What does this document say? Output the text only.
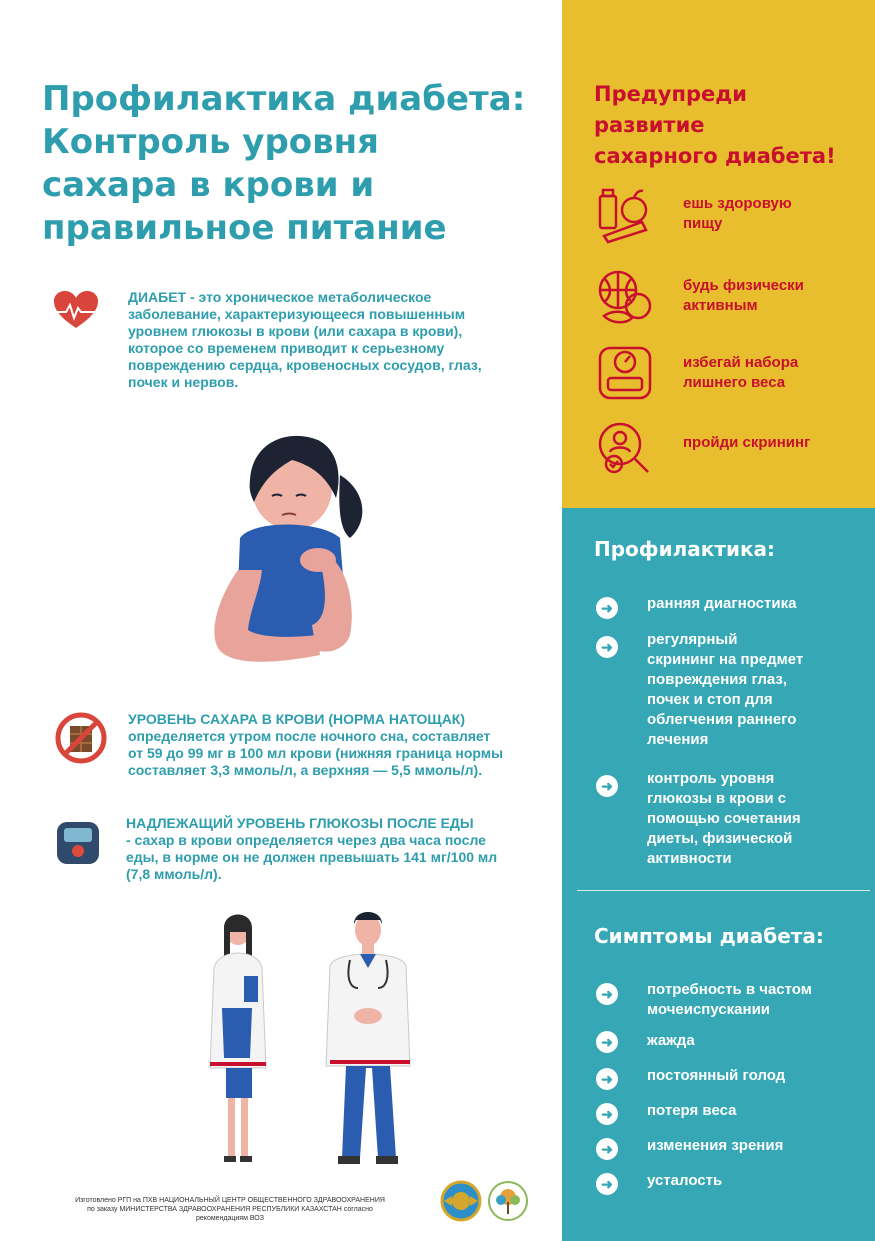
Профилактика диабета:
Контроль уровня
сахара в крови и
правильное питание

ДИАБЕТ - это хроническое метаболическое

заболевание, характеризующееся повышенным

уровнем глюкозы в крови (или сахара в крови),

которое со временем приводит к серьезному

повреждению сердца, кровеносных сосудов, глаз,

почек и нервов.

УРОВЕНЬ САХАРА В КРОВИ (НОРМА НАТОЩАК)

определяется утром после ночного сна, составляет

от 59 до 99 мг в 100 мл крови (нижняя граница нормы

составляет 3,3 ммоль/л, а верхняя — 5,5 ммоль/л).

НАДЛЕЖАЩИЙ УРОВЕНЬ ГЛЮКОЗЫ ПОСЛЕ ЕДЫ

- сахар в крови определяется через два часа после

еды, в норме он не должен превышать 141 мг/100 мл

(7,8 ммоль/л).

Изготовлено РГП на ПХВ НАЦИОНАЛЬНЫЙ ЦЕНТР ОБЩЕСТВЕННОГО ЗДРАВООХРАНЕНИЯ
по заказу МИНИСТЕРСТВА ЗДРАВООХРАНЕНИЯ РЕСПУБЛИКИ КАЗАХСТАН согласно
рекомендациям ВОЗ
Предупреди
развитие
сахарного диабета!
ешь здоровую
пищу
будь физически
активным
избегай набора
лишнего веса
пройди скрининг
Профилактика:
➜	ранняя диагностика
➜	регулярный
скрининг на предмет
повреждения глаз,
почек и стоп для
облегчения раннего
лечения
➜	контроль уровня
глюкозы в крови с
помощью сочетания
диеты, физической
активности
Симптомы диабета:
➜	потребность в частом
мочеиспускании
➜	жажда
➜	постоянный голод
➜	потеря веса
➜	изменения зрения
➜	усталость
